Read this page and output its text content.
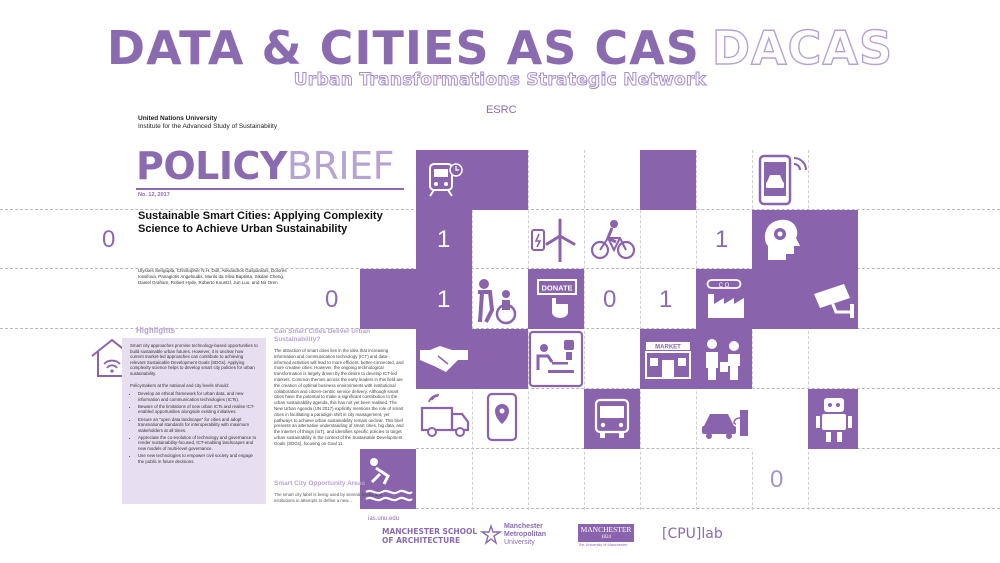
DATA & CITIES AS CAS DACAS
Urban Transformations Strategic Network
ESRC
United Nations University
Institute for the Advanced Study of Sustainability
POLICYBRIEF
No. 12, 2017
Sustainable Smart Cities: Applying Complexity Science to Achieve Urban Sustainability
Ulysses Sengupta, Christopher N.H. Doll, Alexandros Gasparatos, Dolores Iossifova, Panagiotis Angeloudis, Murilo da Silva Baptista, Sikdan Cheng, Daniel Graham, Robert Hyde, Roberto Kountzl, Jun Luo, and Nir Oren
0	1	1
0	1	0 1
0
DONATE	C O
MARKET
Highlights

Smart city approaches promise technology-based opportunities to build sustainable urban futures. However, it is unclear how current market-led approaches can contribute to achieving relevant Sustainable Development Goals (SDGs). Applying complexity science helps to develop smart city policies for urban sustainability.

Policymakers at the national and city levels should:

• Develop an ethical framework for urban data, and new information and communication technologies (ICTs).
• Beware of the limitations of new urban ICTs and realise ICT-enabled opportunities alongside existing initiatives.
• Ensure an "open data landscape" for cities and adopt transnational standards for interoperability with maximum stakeholders at all times.
• Appreciate the co-evolution of technology and governance to render sustainability-focused, ICT-enabling landscapes and new models of multi-level governance.
• Use new technologies to empower civil society and engage the public in future decisions.
Can Smart Cities Deliver Urban Sustainability?
The attraction of smart cities lies in the idea that increasing information and communication technology (ICT) and data-informed activities will lead to more efficient, better-connected, and more creative cities. However, the ongoing technological transformation is largely driven by the desire to develop ICT-led markets. Common themes across the early leaders in this field are the creation of optimal business environments with institutional collaboration and citizen-centric service delivery. Although smart cities have the potential to make a significant contribution to the urban sustainability agenda, this has not yet been realised. The New Urban Agenda (UN 2017) explicitly mentions the role of smart cities in facilitating a paradigm shift in city management, yet pathways to achieve urban sustainability remain unclear. This brief presents an alternative understanding of smart cities, big data, and the internet of things (IoT), and identifies specific policies to target urban sustainability in the context of the Sustainable Development Goals (SDGs), focusing on Goal 11.
Smart City Opportunity Areas
The smart city label is being used by several actors and institutions in attempts to define a new...
ias.unu.edu
MANCHESTER SCHOOL
OF ARCHITECTURE
Manchester
Metropolitan
University
MANCHESTER
1824
The University of Manchester
[CPU]lab
